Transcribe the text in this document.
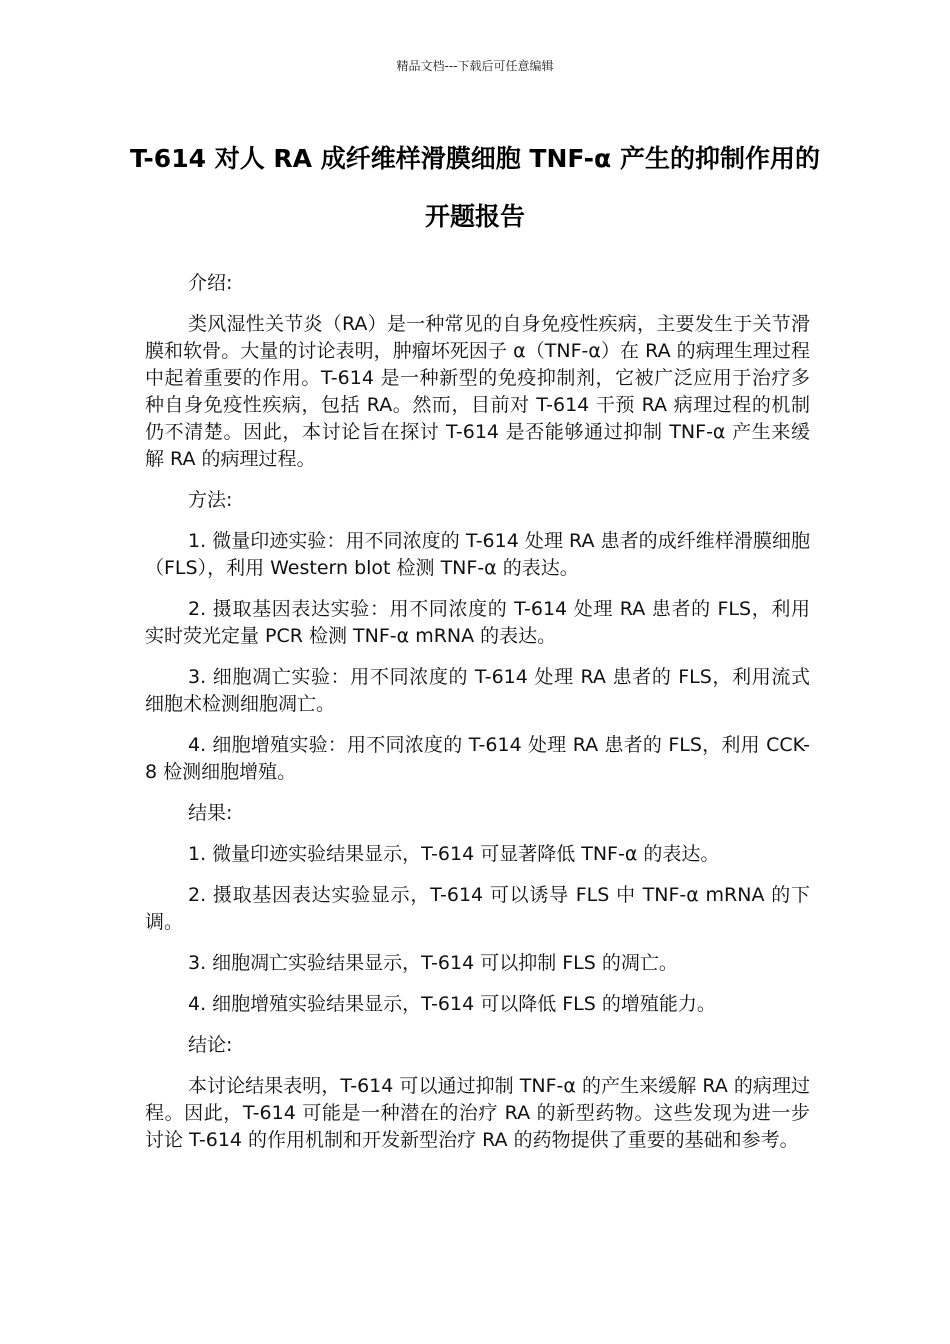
精品文档---下载后可任意编辑
T-614 对人 RA 成纤维样滑膜细胞 TNF-α 产生的抑制作用的开题报告

介绍:

类风湿性关节炎（RA）是一种常见的自身免疫性疾病，主要发生于关节滑膜和软骨。大量的讨论表明，肿瘤坏死因子 α（TNF-α）在 RA 的病理生理过程中起着重要的作用。T-614 是一种新型的免疫抑制剂，它被广泛应用于治疗多种自身免疫性疾病，包括 RA。然而，目前对 T-614 干预 RA 病理过程的机制仍不清楚。因此，本讨论旨在探讨 T-614 是否能够通过抑制 TNF-α 产生来缓解 RA 的病理过程。

方法:

1. 微量印迹实验：用不同浓度的 T-614 处理 RA 患者的成纤维样滑膜细胞（FLS），利用 Western blot 检测 TNF-α 的表达。

2. 摄取基因表达实验：用不同浓度的 T-614 处理 RA 患者的 FLS，利用实时荧光定量 PCR 检测 TNF-α mRNA 的表达。

3. 细胞凋亡实验：用不同浓度的 T-614 处理 RA 患者的 FLS，利用流式细胞术检测细胞凋亡。

4. 细胞增殖实验：用不同浓度的 T-614 处理 RA 患者的 FLS，利用 CCK-8 检测细胞增殖。

结果:

1. 微量印迹实验结果显示，T-614 可显著降低 TNF-α 的表达。

2. 摄取基因表达实验显示，T-614 可以诱导 FLS 中 TNF-α mRNA 的下调。

3. 细胞凋亡实验结果显示，T-614 可以抑制 FLS 的凋亡。

4. 细胞增殖实验结果显示，T-614 可以降低 FLS 的增殖能力。

结论:

本讨论结果表明，T-614 可以通过抑制 TNF-α 的产生来缓解 RA 的病理过程。因此，T-614 可能是一种潜在的治疗 RA 的新型药物。这些发现为进一步讨论 T-614 的作用机制和开发新型治疗 RA 的药物提供了重要的基础和参考。
